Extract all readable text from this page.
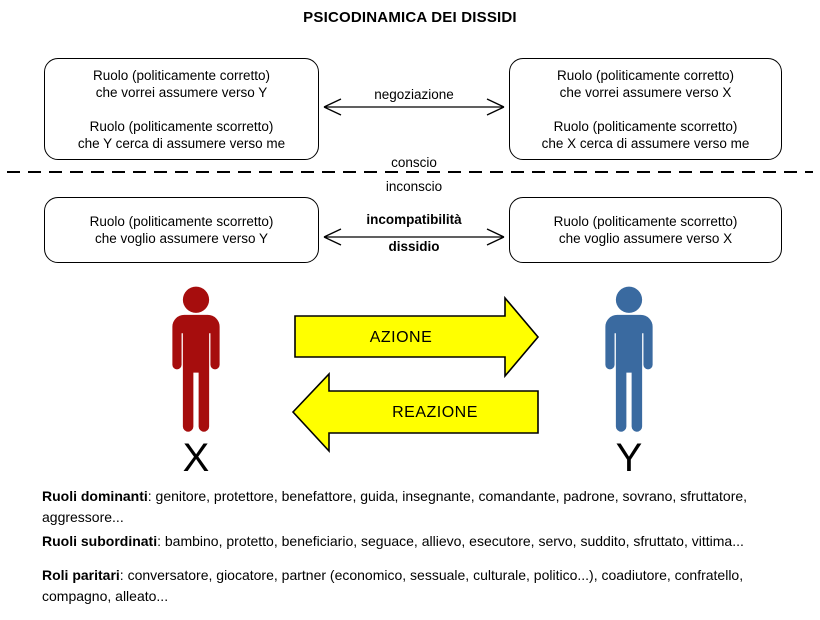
PSICODINAMICA DEI DISSIDI

Ruolo (politicamente corretto)
che vorrei assumere verso Y

Ruolo (politicamente scorretto)
che Y cerca di assumere verso me

Ruolo (politicamente corretto)
che vorrei assumere verso X

Ruolo (politicamente scorretto)
che X cerca di assumere verso me

negoziazione
conscio
inconscio

Ruolo (politicamente scorretto)
che voglio assumere verso Y

Ruolo (politicamente scorretto)
che voglio assumere verso X

incompatibilità
dissidio
X	Y
AZIONE
REAZIONE

Ruoli dominanti: genitore, protettore, benefattore, guida, insegnante, comandante, padrone, sovrano, sfruttatore, aggressore...

Ruoli subordinati: bambino, protetto, beneficiario, seguace, allievo, esecutore, servo, suddito, sfruttato, vittima...

Roli paritari: conversatore, giocatore, partner (economico, sessuale, culturale, politico...), coadiutore, confratello, compagno, alleato...
